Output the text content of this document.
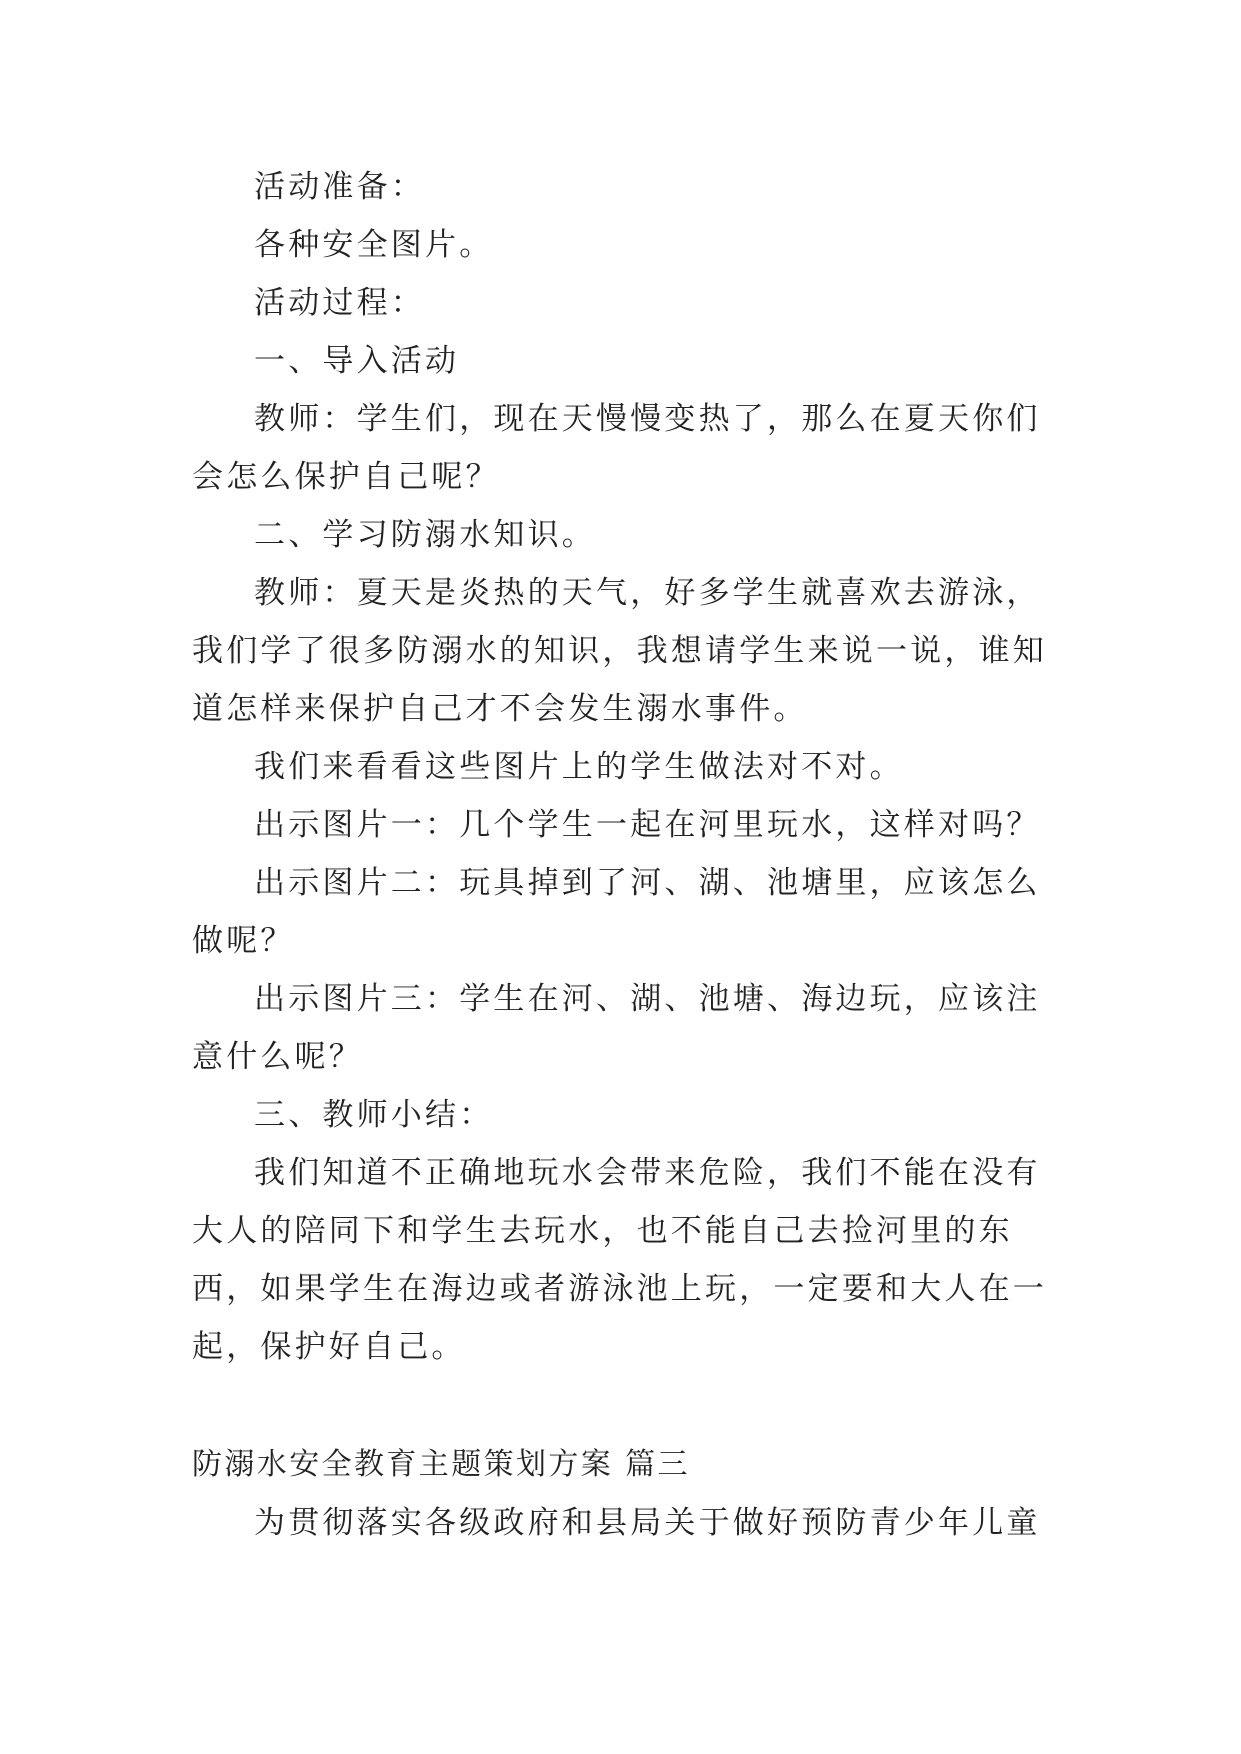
活动准备：

各种安全图片。

活动过程：

一、导入活动

教师：学生们，现在天慢慢变热了，那么在夏天你们会怎么保护自己呢？

二、学习防溺水知识。

教师：夏天是炎热的天气，好多学生就喜欢去游泳，我们学了很多防溺水的知识，我想请学生来说一说，谁知道怎样来保护自己才不会发生溺水事件。

我们来看看这些图片上的学生做法对不对。

出示图片一：几个学生一起在河里玩水，这样对吗？

出示图片二：玩具掉到了河、湖、池塘里，应该怎么做呢？

出示图片三：学生在河、湖、池塘、海边玩，应该注意什么呢？

三、教师小结：

我们知道不正确地玩水会带来危险，我们不能在没有大人的陪同下和学生去玩水，也不能自己去捡河里的东西，如果学生在海边或者游泳池上玩，一定要和大人在一起，保护好自己。

防溺水安全教育主题策划方案 篇三

为贯彻落实各级政府和县局关于做好预防青少年儿童
